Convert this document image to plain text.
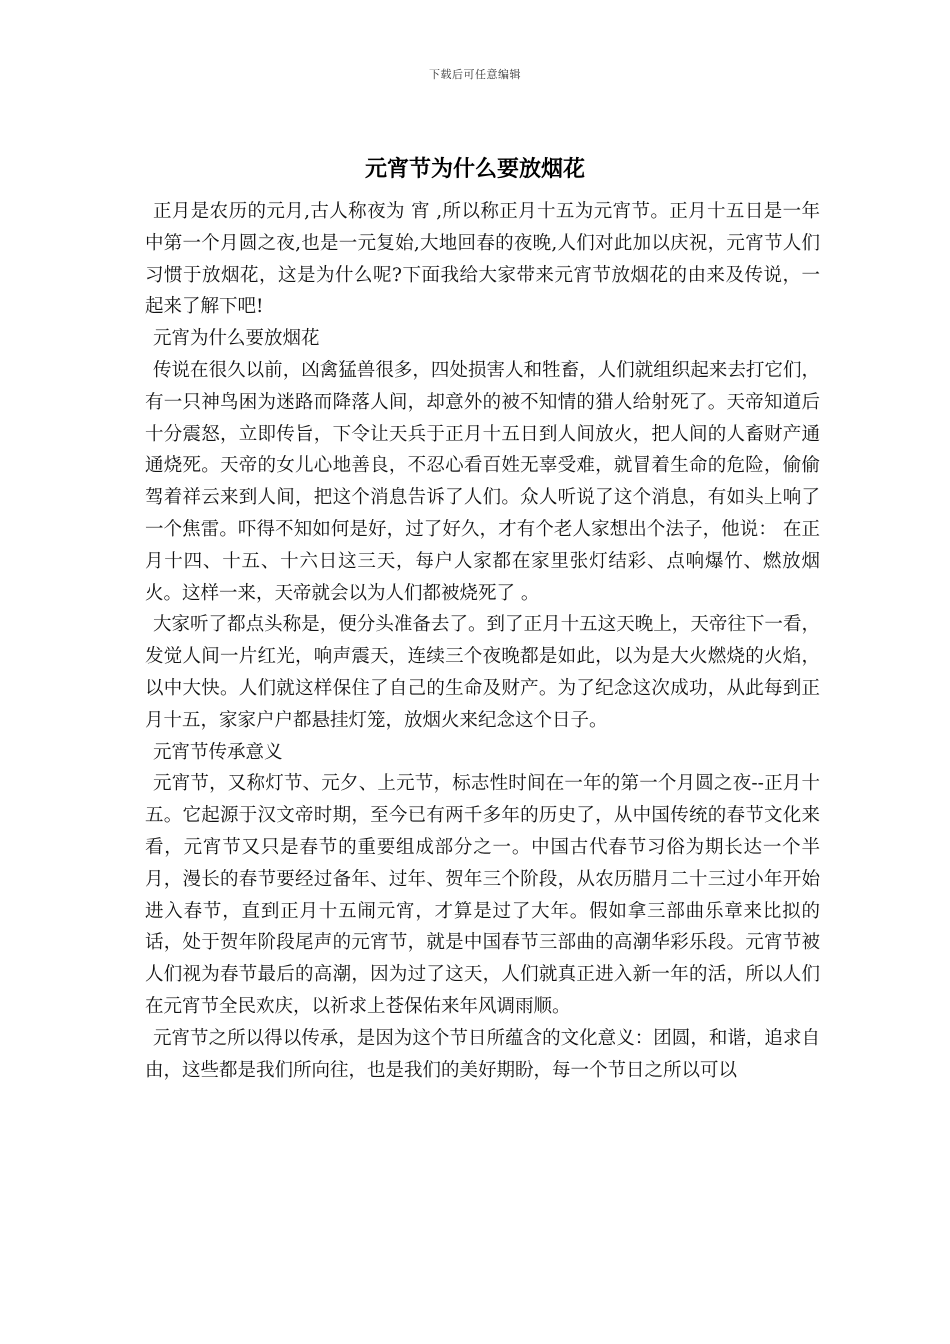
下载后可任意编辑
元宵节为什么要放烟花

正月是农历的元月,古人称夜为 宵 ,所以称正月十五为元宵节。正月十五日是一年中第一个月圆之夜,也是一元复始,大地回春的夜晚,人们对此加以庆祝，元宵节人们习惯于放烟花，这是为什么呢?下面我给大家带来元宵节放烟花的由来及传说，一起来了解下吧!

元宵为什么要放烟花

传说在很久以前，凶禽猛兽很多，四处损害人和牲畜，人们就组织起来去打它们，有一只神鸟困为迷路而降落人间，却意外的被不知情的猎人给射死了。天帝知道后十分震怒，立即传旨，下令让天兵于正月十五日到人间放火，把人间的人畜财产通通烧死。天帝的女儿心地善良，不忍心看百姓无辜受难，就冒着生命的危险，偷偷驾着祥云来到人间，把这个消息告诉了人们。众人听说了这个消息，有如头上响了一个焦雷。吓得不知如何是好，过了好久，才有个老人家想出个法子，他说： 在正月十四、十五、十六日这三天，每户人家都在家里张灯结彩、点响爆竹、燃放烟火。这样一来，天帝就会以为人们都被烧死了 。

大家听了都点头称是，便分头准备去了。到了正月十五这天晚上，天帝往下一看，发觉人间一片红光，响声震天，连续三个夜晚都是如此，以为是大火燃烧的火焰，以中大快。人们就这样保住了自己的生命及财产。为了纪念这次成功，从此每到正月十五，家家户户都悬挂灯笼，放烟火来纪念这个日子。

元宵节传承意义

元宵节，又称灯节、元夕、上元节，标志性时间在一年的第一个月圆之夜--正月十五。它起源于汉文帝时期，至今已有两千多年的历史了，从中国传统的春节文化来看，元宵节又只是春节的重要组成部分之一。中国古代春节习俗为期长达一个半月，漫长的春节要经过备年、过年、贺年三个阶段，从农历腊月二十三过小年开始进入春节，直到正月十五闹元宵，才算是过了大年。假如拿三部曲乐章来比拟的话，处于贺年阶段尾声的元宵节，就是中国春节三部曲的高潮华彩乐段。元宵节被人们视为春节最后的高潮，因为过了这天，人们就真正进入新一年的活，所以人们在元宵节全民欢庆，以祈求上苍保佑来年风调雨顺。

元宵节之所以得以传承，是因为这个节日所蕴含的文化意义：团圆，和谐，追求自由，这些都是我们所向往，也是我们的美好期盼，每一个节日之所以可以
